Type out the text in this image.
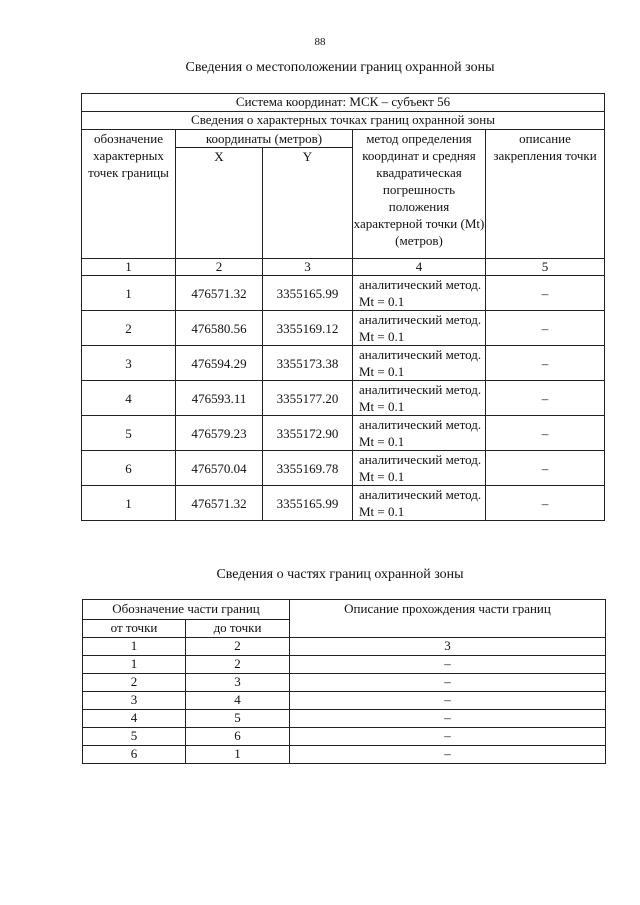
88
Сведения о местоположении границ охранной зоны
Система координат: МСК – субъект 56				
Сведения о характерных точках границ охранной зоны				
обозначение характерных точек границы	координаты (метров)		метод определения координат и средняя квадратическая погрешность положения характерной точки (Mt) (метров)	описание закрепления точки
	X	Y		
1	2	3	4	5
1	476571.32	3355165.99	аналитический метод. Mt = 0.1	–
2	476580.56	3355169.12	аналитический метод. Mt = 0.1	–
3	476594.29	3355173.38	аналитический метод. Mt = 0.1	–
4	476593.11	3355177.20	аналитический метод. Mt = 0.1	–
5	476579.23	3355172.90	аналитический метод. Mt = 0.1	–
6	476570.04	3355169.78	аналитический метод. Mt = 0.1	–
1	476571.32	3355165.99	аналитический метод. Mt = 0.1	–
Сведения о частях границ охранной зоны
Обозначение части границ		Описание прохождения части границ
от точки	до точки	
1	2	3
1	2	–
2	3	–
3	4	–
4	5	–
5	6	–
6	1	–
